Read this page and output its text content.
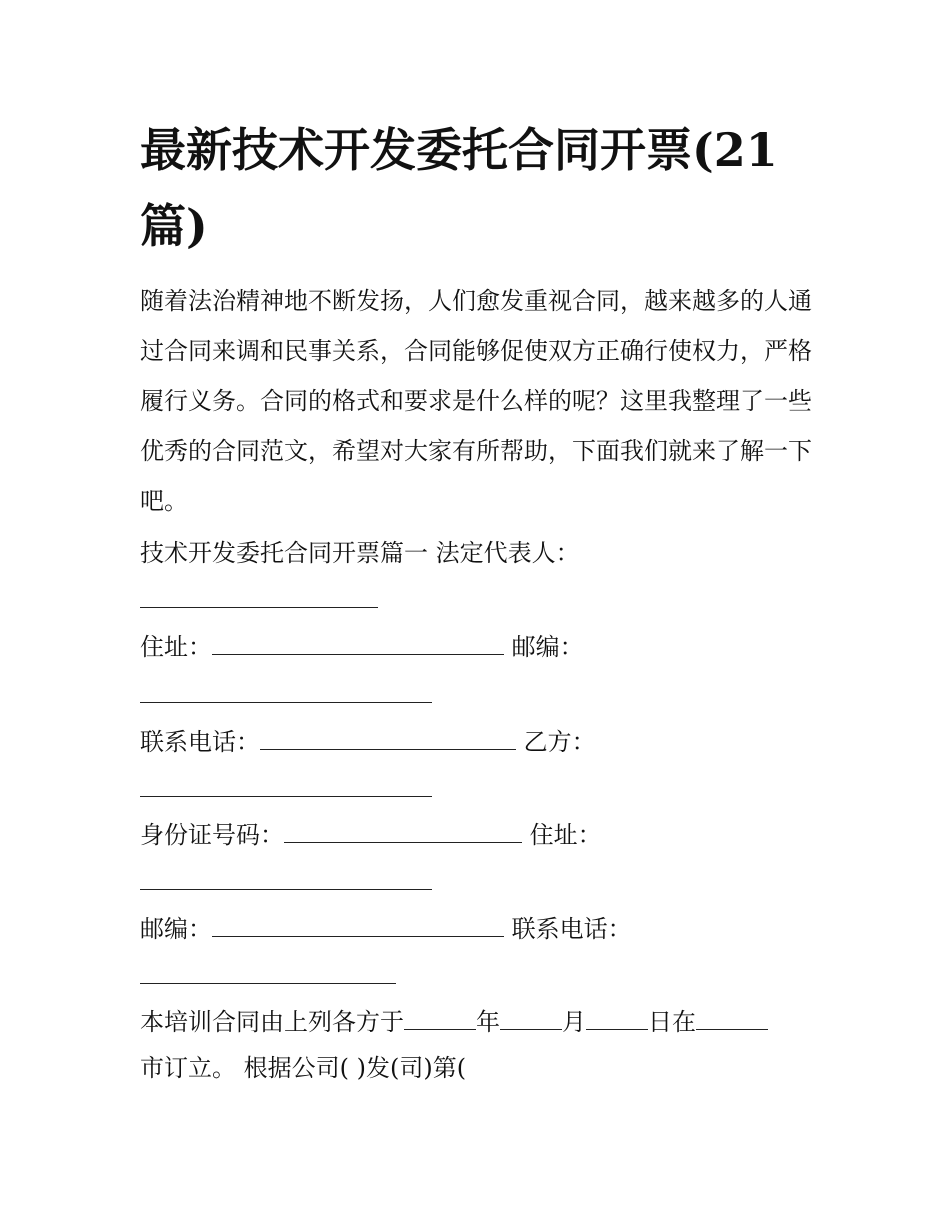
最新技术开发委托合同开票(21篇)

随着法治精神地不断发扬，人们愈发重视合同，越来越多的人通过合同来调和民事关系，合同能够促使双方正确行使权力，严格履行义务。合同的格式和要求是什么样的呢？这里我整理了一些优秀的合同范文，希望对大家有所帮助，下面我们就来了解一下吧。

技术开发委托合同开票篇一 法定代表人：
住址：	邮编：
联系电话：	乙方：
身份证号码：	住址：
邮编：	联系电话：
本培训合同由上列各方于	年	月	日在
市订立。 根据公司( )发(司)第(
